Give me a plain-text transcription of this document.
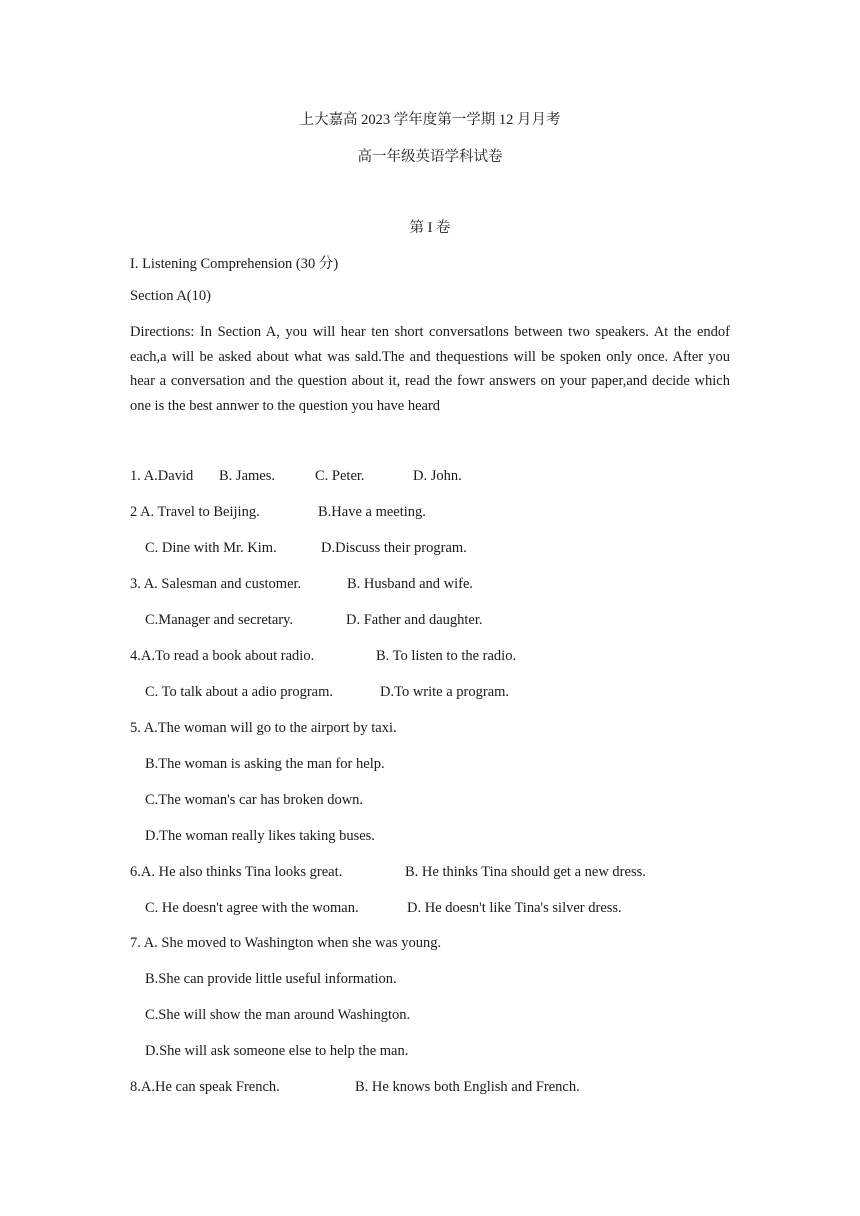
上大嘉高 2023 学年度第一学期 12 月月考
高一年级英语学科试卷
第 I 卷
I. Listening Comprehension (30 分)
Section A(10)
Directions: In Section A, you will hear ten short conversatlons between two speakers. At the endof each,a will be asked about what was sald.The and thequestions will be spoken only once. After you hear a conversation and the question about it, read the fowr answers on your paper,and decide which one is the best annwer to the question you have heard
1. A.David B. James.	C. Peter.	D. John.
2 A. Travel to Beijing.	B.Have a meeting.
C. Dine with Mr. Kim.	D.Discuss their program.
3. A. Salesman and customer.	B. Husband and wife.
C.Manager and secretary.	D. Father and daughter.
4.A.To read a book about radio.	B. To listen to the radio.
C. To talk about a adio program.	D.To write a program.
5. A.The woman will go to the airport by taxi.
B.The woman is asking the man for help.
C.The woman's car has broken down.
D.The woman really likes taking buses.
6.A. He also thinks Tina looks great.	B. He thinks Tina should get a new dress.
C. He doesn't agree with the woman.	D. He doesn't like Tina's silver dress.
7. A. She moved to Washington when she was young.
B.She can provide little useful information.
C.She will show the man around Washington.
D.She will ask someone else to help the man.
8.A.He can speak French.	B. He knows both English and French.
